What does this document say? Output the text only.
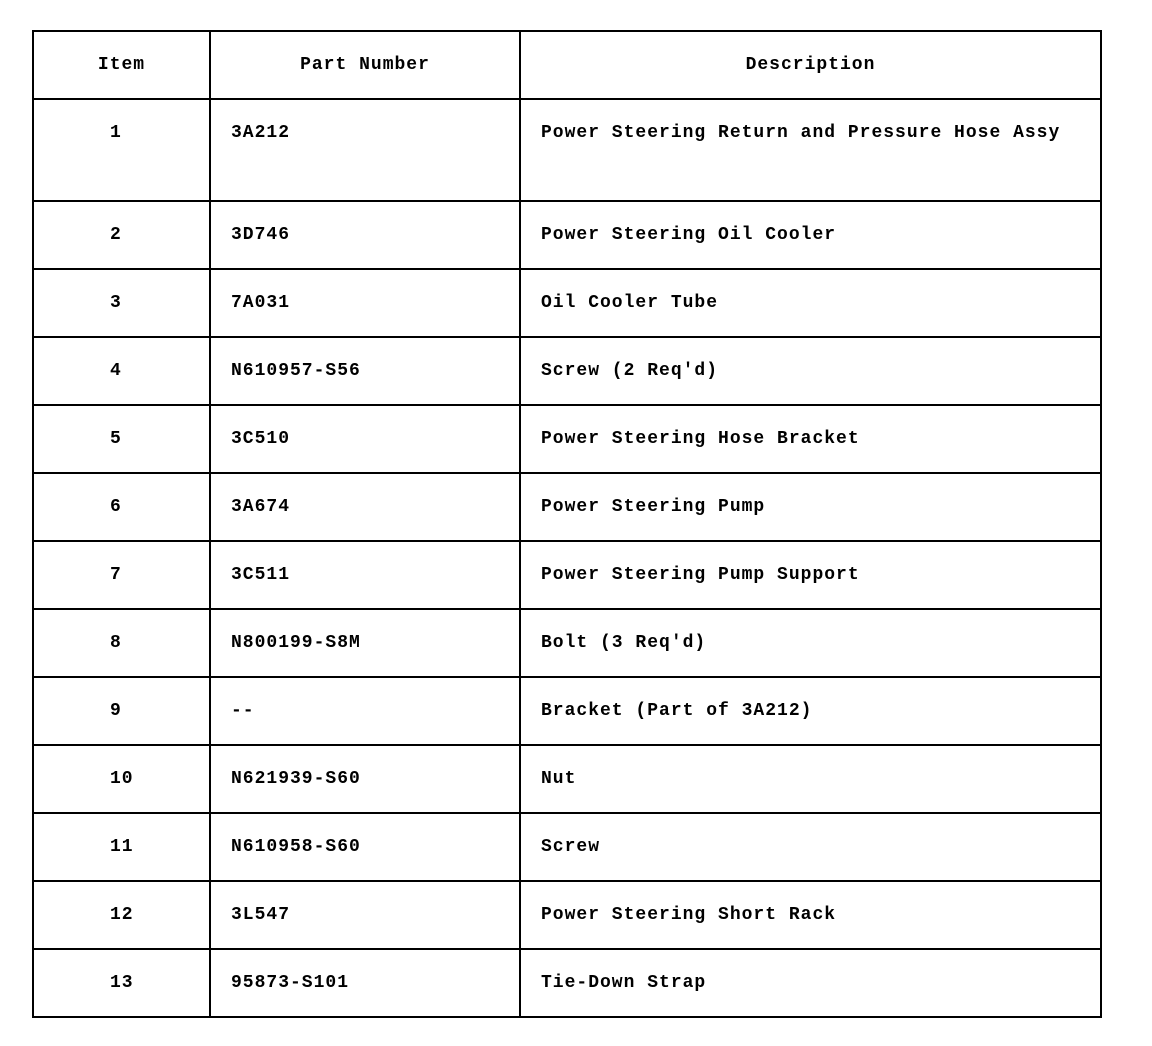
Item	Part Number	Description
1	3A212	Power Steering Return and Pressure Hose Assy
2	3D746	Power Steering Oil Cooler
3	7A031	Oil Cooler Tube
4	N610957-S56	Screw (2 Req'd)
5	3C510	Power Steering Hose Bracket
6	3A674	Power Steering Pump
7	3C511	Power Steering Pump Support
8	N800199-S8M	Bolt (3 Req'd)
9	--	Bracket (Part of 3A212)
10	N621939-S60	Nut
11	N610958-S60	Screw
12	3L547	Power Steering Short Rack
13	95873-S101	Tie-Down Strap
